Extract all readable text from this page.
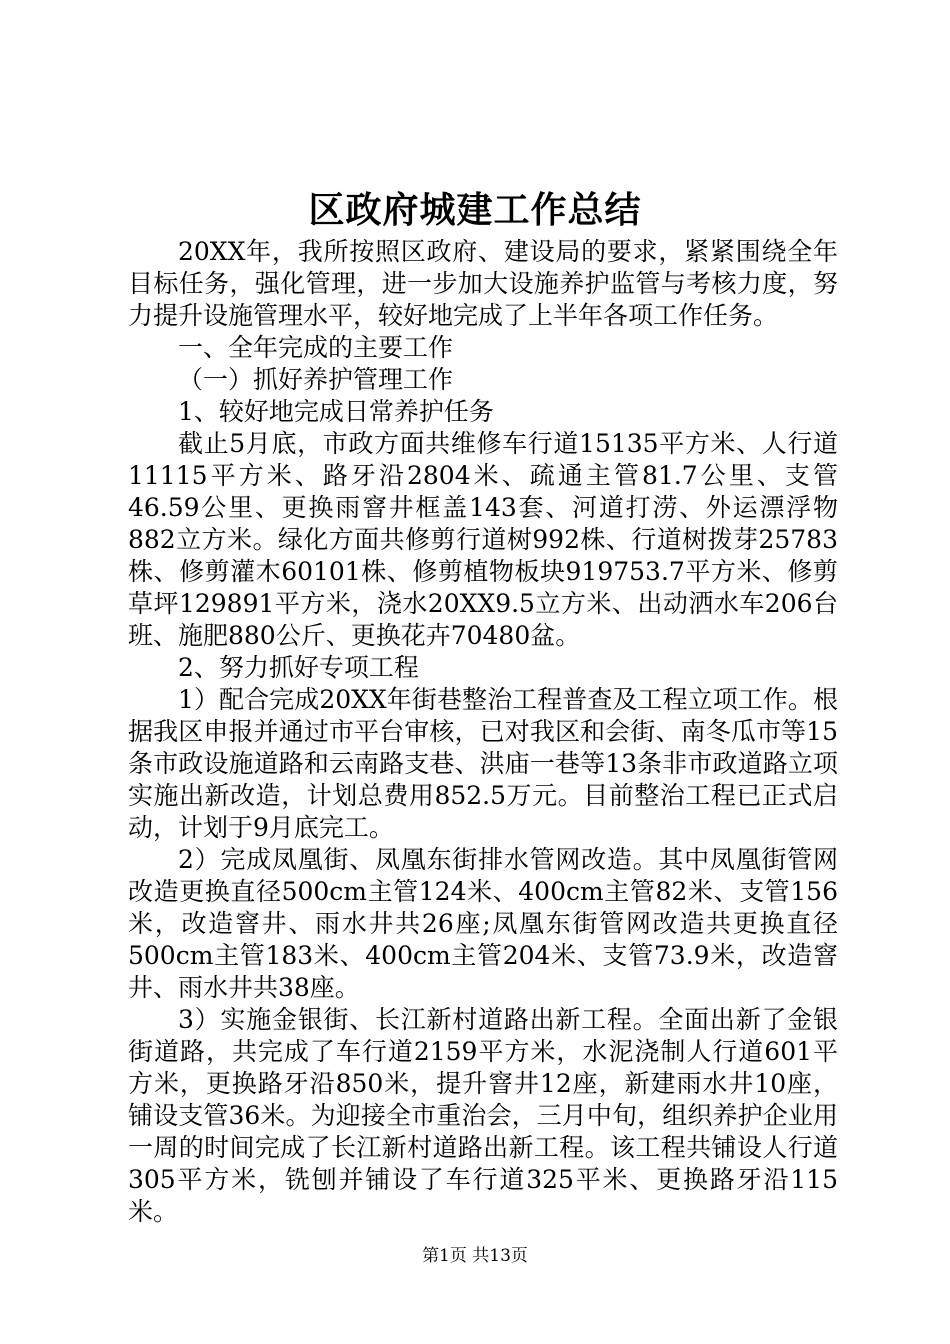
区政府城建工作总结

20XX年，我所按照区政府、建设局的要求，紧紧围绕全年目标任务，强化管理，进一步加大设施养护监管与考核力度，努力提升设施管理水平，较好地完成了上半年各项工作任务。

一、全年完成的主要工作

（一）抓好养护管理工作

1、较好地完成日常养护任务

截止5月底，市政方面共维修车行道15135平方米、人行道11115平方米、路牙沿2804米、疏通主管81.7公里、支管46.59公里、更换雨窨井框盖143套、河道打涝、外运漂浮物882立方米。绿化方面共修剪行道树992株、行道树拨芽25783株、修剪灌木60101株、修剪植物板块919753.7平方米、修剪草坪129891平方米，浇水20XX9.5立方米、出动洒水车206台班、施肥880公斤、更换花卉70480盆。

2、努力抓好专项工程

1）配合完成20XX年街巷整治工程普查及工程立项工作。根据我区申报并通过市平台审核，已对我区和会街、南冬瓜市等15条市政设施道路和云南路支巷、洪庙一巷等13条非市政道路立项实施出新改造，计划总费用852.5万元。目前整治工程已正式启动，计划于9月底完工。

2）完成凤凰街、凤凰东街排水管网改造。其中凤凰街管网改造更换直径500cm主管124米、400cm主管82米、支管156米，改造窨井、雨水井共26座;凤凰东街管网改造共更换直径500cm主管183米、400cm主管204米、支管73.9米，改造窨井、雨水井共38座。

3）实施金银街、长江新村道路出新工程。全面出新了金银街道路，共完成了车行道2159平方米，水泥浇制人行道601平方米，更换路牙沿850米，提升窨井12座，新建雨水井10座，铺设支管36米。为迎接全市重治会，三月中旬，组织养护企业用一周的时间完成了长江新村道路出新工程。该工程共铺设人行道305平方米，铣刨并铺设了车行道325平米、更换路牙沿115米。

第1页 共13页
